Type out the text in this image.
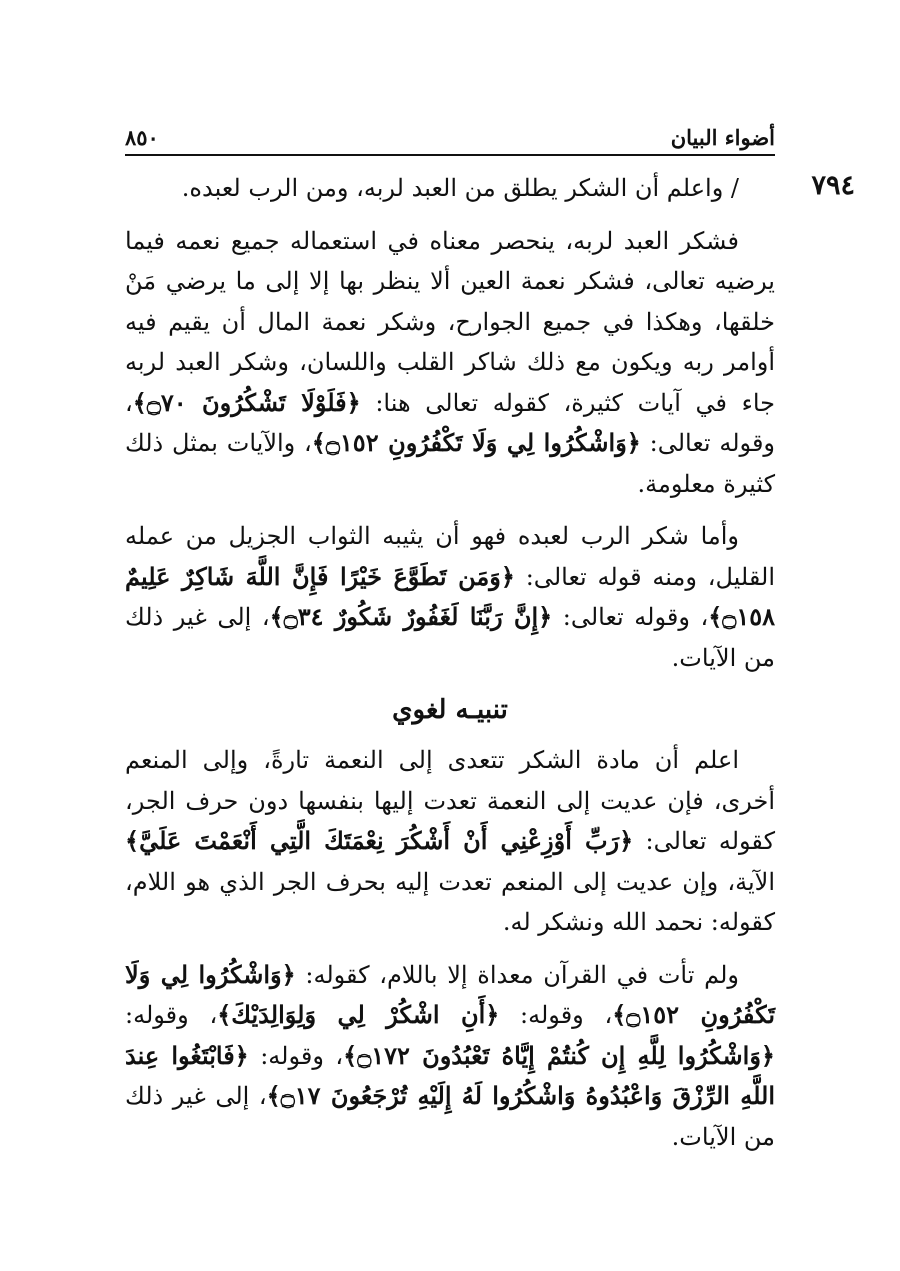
أضواء البيان
٨٥٠
٧٩٤

/ واعلم أن الشكر يطلق من العبد لربه، ومن الرب لعبده.

فشكر العبد لربه، ينحصر معناه في استعماله جميع نعمه فيما يرضيه تعالى، فشكر نعمة العين ألا ينظر بها إلا إلى ما يرضي مَنْ خلقها، وهكذا في جميع الجوارح، وشكر نعمة المال أن يقيم فيه أوامر ربه ويكون مع ذلك شاكر القلب واللسان، وشكر العبد لربه جاء في آيات كثيرة، كقوله تعالى هنا: ﴿فَلَوْلَا تَشْكُرُونَ ۝٧٠﴾، وقوله تعالى: ﴿وَاشْكُرُوا لِي وَلَا تَكْفُرُونِ ۝١٥٢﴾، والآيات بمثل ذلك كثيرة معلومة.

وأما شكر الرب لعبده فهو أن يثيبه الثواب الجزيل من عمله القليل، ومنه قوله تعالى: ﴿وَمَن تَطَوَّعَ خَيْرًا فَإِنَّ اللَّهَ شَاكِرٌ عَلِيمٌ ۝١٥٨﴾، وقوله تعالى: ﴿إِنَّ رَبَّنَا لَغَفُورٌ شَكُورٌ ۝٣٤﴾، إلى غير ذلك من الآيات.

تنبيـه لغوي

اعلم أن مادة الشكر تتعدى إلى النعمة تارةً، وإلى المنعم أخرى، فإن عديت إلى النعمة تعدت إليها بنفسها دون حرف الجر، كقوله تعالى: ﴿رَبِّ أَوْزِعْنِي أَنْ أَشْكُرَ نِعْمَتَكَ الَّتِي أَنْعَمْتَ عَلَيَّ﴾ الآية، وإن عديت إلى المنعم تعدت إليه بحرف الجر الذي هو اللام، كقوله: نحمد الله ونشكر له.

ولم تأت في القرآن معداة إلا باللام، كقوله: ﴿وَاشْكُرُوا لِي وَلَا تَكْفُرُونِ ۝١٥٢﴾، وقوله: ﴿أَنِ اشْكُرْ لِي وَلِوَالِدَيْكَ﴾، وقوله: ﴿وَاشْكُرُوا لِلَّهِ إِن كُنتُمْ إِيَّاهُ تَعْبُدُونَ ۝١٧٢﴾، وقوله: ﴿فَابْتَغُوا عِندَ اللَّهِ الرِّزْقَ وَاعْبُدُوهُ وَاشْكُرُوا لَهُ إِلَيْهِ تُرْجَعُونَ ۝١٧﴾، إلى غير ذلك من الآيات.
